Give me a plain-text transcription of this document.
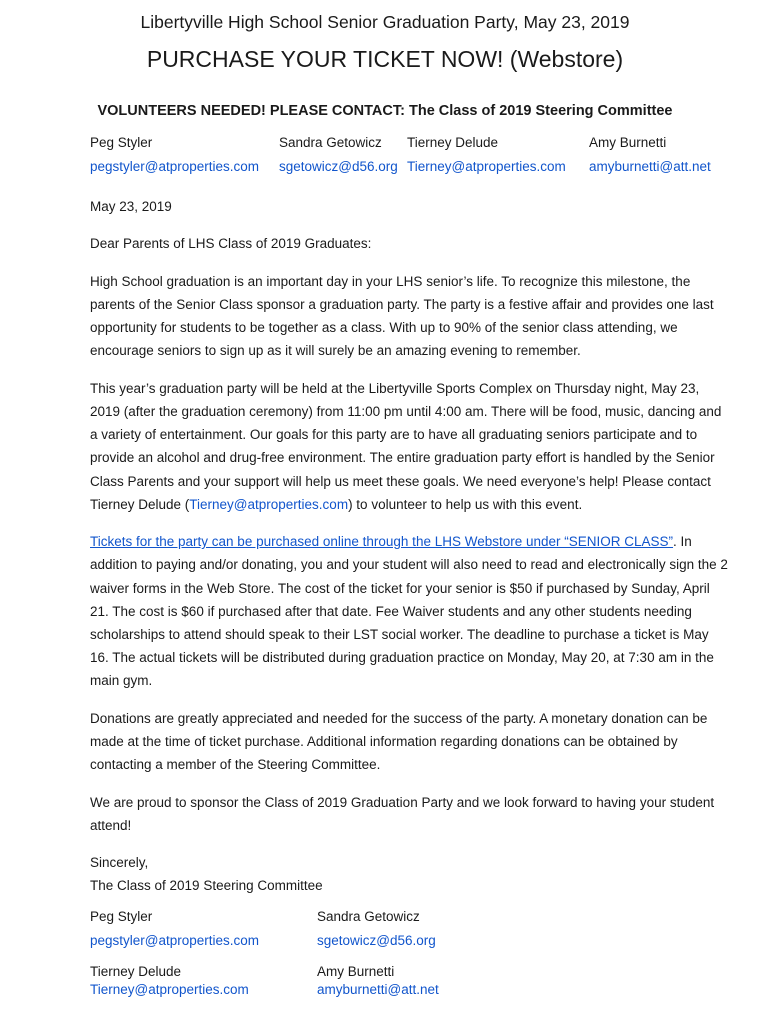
Libertyville High School Senior Graduation Party, May 23, 2019
PURCHASE YOUR TICKET NOW! (Webstore)
VOLUNTEERS NEEDED! PLEASE CONTACT: The Class of 2019 Steering Committee
Peg Styler
pegstyler@atproperties.com
Sandra Getowicz
sgetowicz@d56.org
Tierney Delude
Tierney@atproperties.com
Amy Burnetti
amyburnetti@att.net

May 23, 2019

Dear Parents of LHS Class of 2019 Graduates:

High School graduation is an important day in your LHS senior’s life. To recognize this milestone, the parents of the Senior Class sponsor a graduation party. The party is a festive affair and provides one last opportunity for students to be together as a class. With up to 90% of the senior class attending, we encourage seniors to sign up as it will surely be an amazing evening to remember.

This year’s graduation party will be held at the Libertyville Sports Complex on Thursday night, May 23, 2019 (after the graduation ceremony) from 11:00 pm until 4:00 am. There will be food, music, dancing and a variety of entertainment. Our goals for this party are to have all graduating seniors participate and to provide an alcohol and drug-free environment. The entire graduation party effort is handled by the Senior Class Parents and your support will help us meet these goals. We need everyone’s help! Please contact Tierney Delude (Tierney@atproperties.com) to volunteer to help us with this event.

Tickets for the party can be purchased online through the LHS Webstore under “SENIOR CLASS”. In addition to paying and/or donating, you and your student will also need to read and electronically sign the 2 waiver forms in the Web Store. The cost of the ticket for your senior is $50 if purchased by Sunday, April 21. The cost is $60 if purchased after that date. Fee Waiver students and any other students needing scholarships to attend should speak to their LST social worker. The deadline to purchase a ticket is May 16. The actual tickets will be distributed during graduation practice on Monday, May 20, at 7:30 am in the main gym.

Donations are greatly appreciated and needed for the success of the party. A monetary donation can be made at the time of ticket purchase. Additional information regarding donations can be obtained by contacting a member of the Steering Committee.

We are proud to sponsor the Class of 2019 Graduation Party and we look forward to having your student attend!

Sincerely,

The Class of 2019 Steering Committee

Peg Styler
pegstyler@atproperties.com
Sandra Getowicz
sgetowicz@d56.org
Tierney Delude
Tierney@atproperties.com
Amy Burnetti
amyburnetti@att.net
